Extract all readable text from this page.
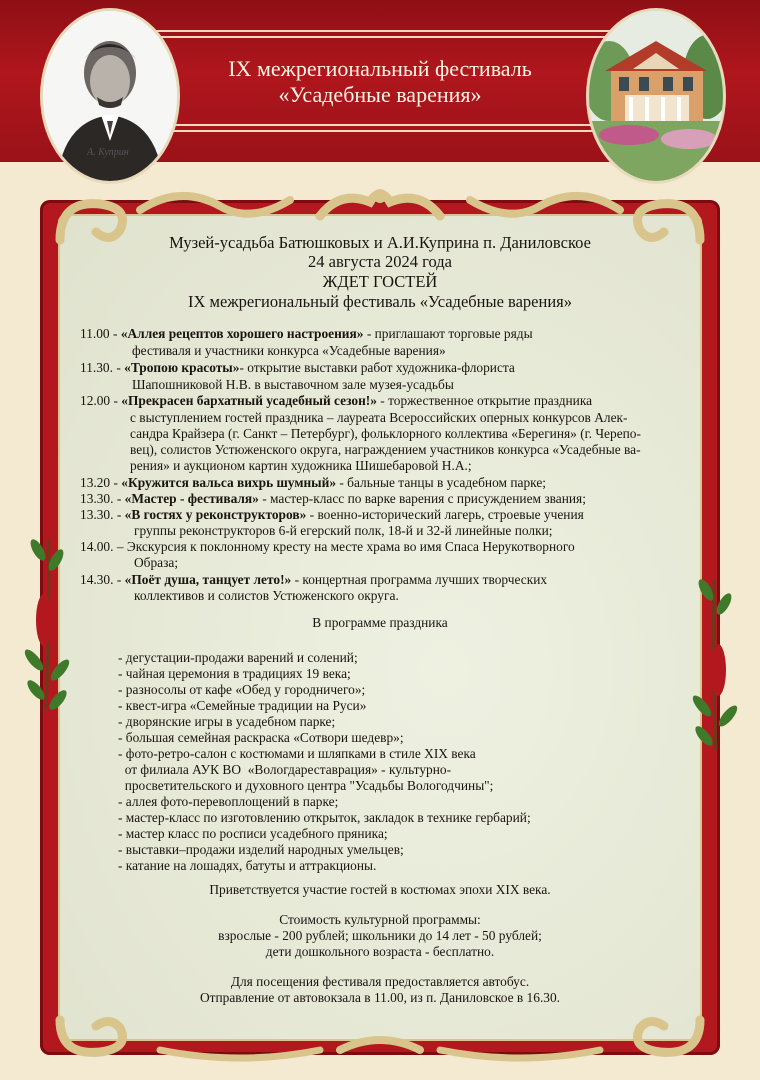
IX межрегиональный фестиваль
«Усадебные варения»
А. Куприн
Музей-усадьба Батюшковых и А.И.Куприна п. Даниловское
24 августа 2024 года
ЖДЕТ ГОСТЕЙ
IX межрегиональный фестиваль «Усадебные варения»
11.00 - «Аллея рецептов хорошего настроения» - приглашают торговые ряды
фестиваля и участники конкурса «Усадебные варения»
11.30. - «Тропою красоты»- открытие выставки работ художника-флориста
Шапошниковой Н.В. в выставочном зале музея-усадьбы
12.00 - «Прекрасен бархатный усадебный сезон!» - торжественное открытие праздника
с выступлением гостей праздника – лауреата Всероссийских оперных конкурсов Алек-
сандра Крайзера (г. Санкт – Петербург), фольклорного коллектива «Берегиня» (г. Черепо-
вец), солистов Устюженского округа, награждением участников конкурса «Усадебные ва-
рения» и аукционом картин художника Шишебаровой Н.А.;
13.20 - «Кружится вальса вихрь шумный» - бальные танцы в усадебном парке;
13.30. - «Мастер - фестиваля» - мастер-класс по варке варения с присуждением звания;
13.30. - «В гостях у реконструкторов» - военно-исторический лагерь, строевые учения
группы реконструкторов 6-й егерский полк, 18-й и 32-й линейные полки;
14.00. – Экскурсия к поклонному кресту на месте храма во имя Спаса Нерукотворного
Образа;
14.30. - «Поёт душа, танцует лето!» - концертная программа лучших творческих
коллективов и солистов Устюженского округа.
В программе праздника
- дегустации-продажи варений и солений;
- чайная церемония в традициях 19 века;
- разносолы от кафе «Обед у городничего»;
- квест-игра «Семейные традиции на Руси»
- дворянские игры в усадебном парке;
- большая семейная раскраска «Сотвори шедевр»;
- фото-ретро-салон с костюмами и шляпками в стиле XIX века
от филиала АУК ВО  «Вологдареставрация» - культурно-
просветительского и духовного центра "Усадьбы Вологодчины";
- аллея фото-перевоплощений в парке;
- мастер-класс по изготовлению открыток, закладок в технике гербарий;
- мастер класс по росписи усадебного пряника;
- выставки–продажи изделий народных умельцев;
- катание на лошадях, батуты и аттракционы.
Приветствуется участие гостей в костюмах эпохи XIX века.
Стоимость культурной программы:
взрослые - 200 рублей; школьники до 14 лет - 50 рублей;
дети дошкольного возраста - бесплатно.
Для посещения фестиваля предоставляется автобус.
Отправление от автовокзала в 11.00, из п. Даниловское в 16.30.
